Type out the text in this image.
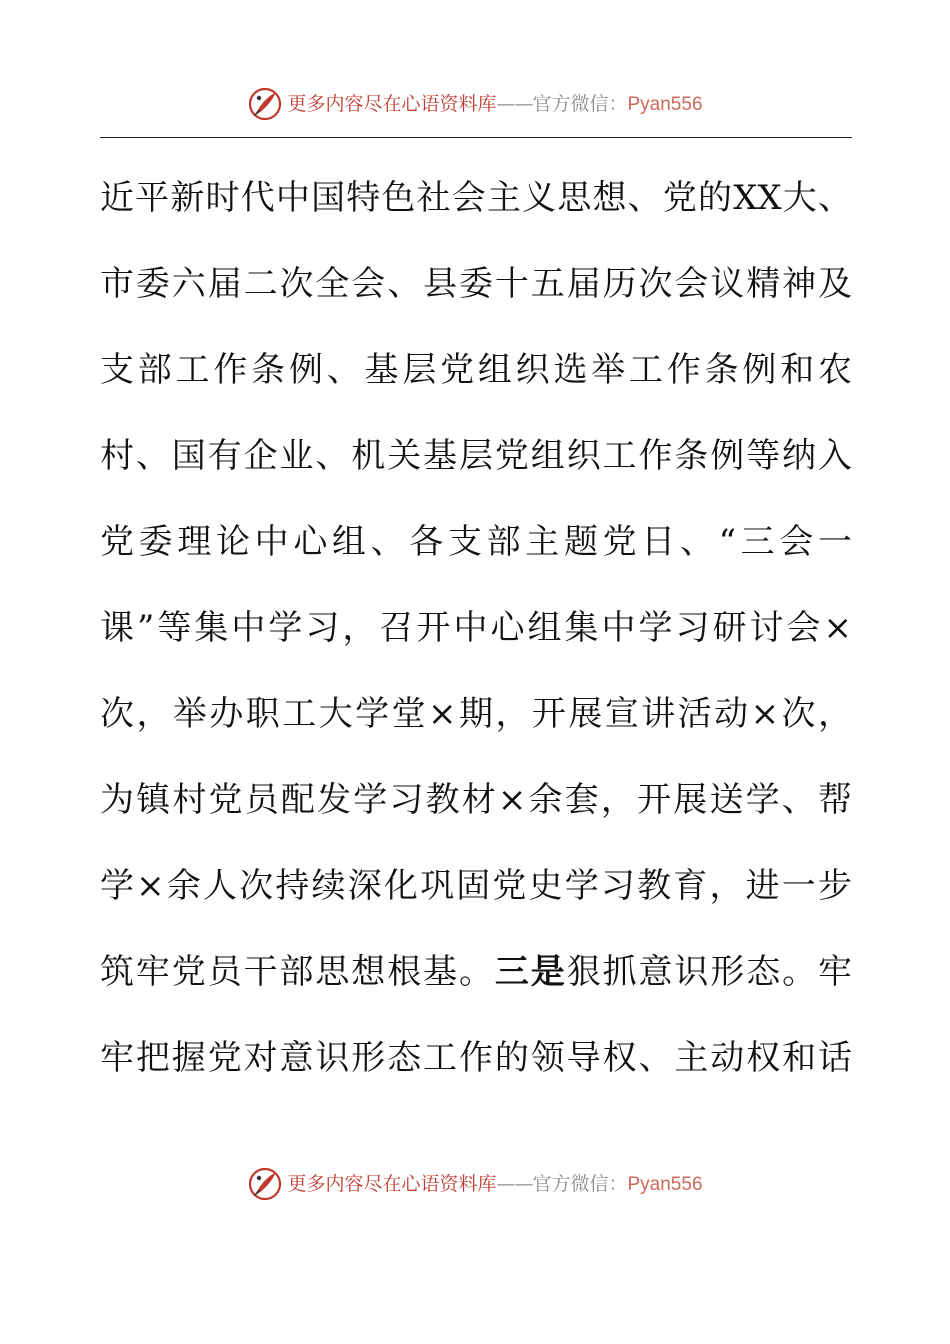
更多内容尽在心语资料库——官方微信：Pyan556
近平新时代中国特色社会主义思想、党的XX大、
市委六届二次全会、县委十五届历次会议精神及
支部工作条例、基层党组织选举工作条例和农
村、国有企业、机关基层党组织工作条例等纳入
党委理论中心组、各支部主题党日、“三会一
课”等集中学习，召开中心组集中学习研讨会×
次，举办职工大学堂×期，开展宣讲活动×次，
为镇村党员配发学习教材×余套，开展送学、帮
学×余人次持续深化巩固党史学习教育，进一步
筑牢党员干部思想根基。三是狠抓意识形态。牢
牢把握党对意识形态工作的领导权、主动权和话
更多内容尽在心语资料库——官方微信：Pyan556
